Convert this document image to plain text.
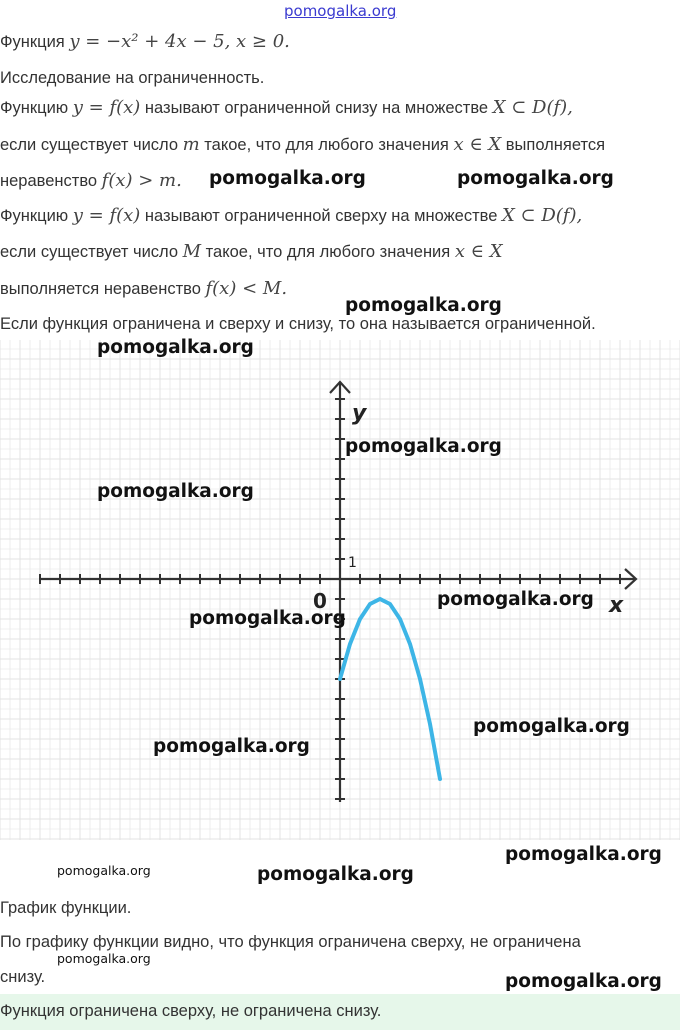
pomogalka.org
Функция y = −x² + 4x − 5, x ≥ 0.
Исследование на ограниченность.
Функцию y = f(x) называют ограниченной снизу на множестве X ⊂ D(f),
если существует число m такое, что для любого значения x ∈ X выполняется
неравенство f(x) > m.
Функцию y = f(x) называют ограниченной сверху на множестве X ⊂ D(f),
если существует число M такое, что для любого значения x ∈ X
выполняется неравенство f(x) < M.
Если функция ограничена и сверху и снизу, то она называется ограниченной.
y
x
0
1
График функции.
По графику функции видно, что функция ограничена сверху, не ограничена
снизу.
Функция ограничена сверху, не ограничена снизу.
pomogalka.org	pomogalka.org
pomogalka.org
pomogalka.org
pomogalka.org
pomogalka.org
pomogalka.org
pomogalka.org
pomogalka.org
pomogalka.org
pomogalka.org
pomogalka.org	pomogalka.org
pomogalka.org
pomogalka.org
